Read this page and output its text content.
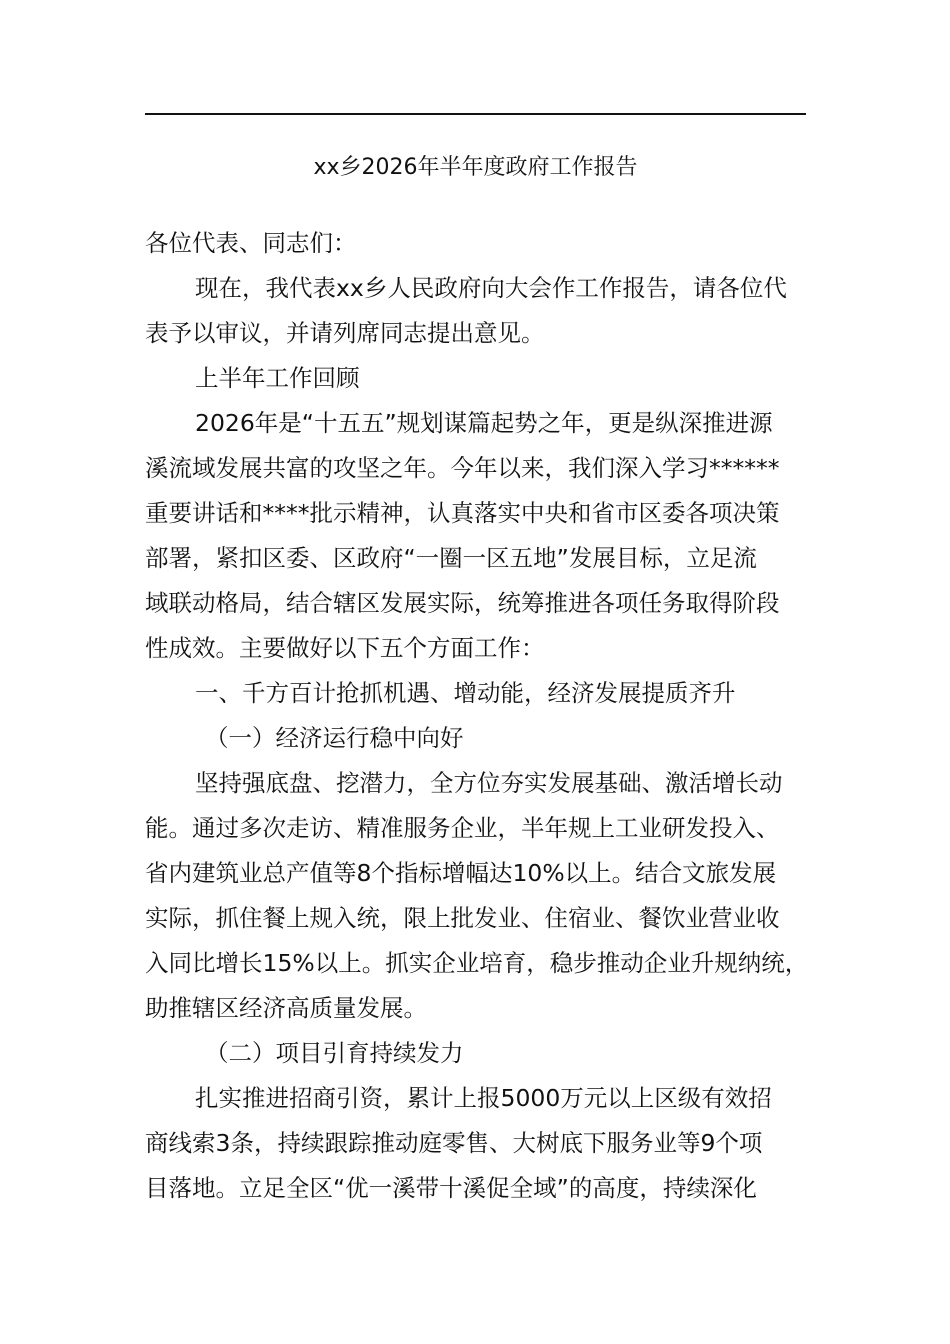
xx乡2026年半年度政府工作报告
各位代表、同志们：
现在，我代表xx乡人民政府向大会作工作报告，请各位代
表予以审议，并请列席同志提出意见。
上半年工作回顾
2026年是“十五五”规划谋篇起势之年，更是纵深推进源
溪流域发展共富的攻坚之年。今年以来，我们深入学习******
重要讲话和****批示精神，认真落实中央和省市区委各项决策
部署，紧扣区委、区政府“一圈一区五地”发展目标，立足流
域联动格局，结合辖区发展实际，统筹推进各项任务取得阶段
性成效。主要做好以下五个方面工作：
一、千方百计抢抓机遇、增动能，经济发展提质齐升
（一）经济运行稳中向好
坚持强底盘、挖潜力，全方位夯实发展基础、激活增长动
能。通过多次走访、精准服务企业，半年规上工业研发投入、
省内建筑业总产值等8个指标增幅达10%以上。结合文旅发展
实际，抓住餐上规入统，限上批发业、住宿业、餐饮业营业收
入同比增长15%以上。抓实企业培育，稳步推动企业升规纳统，
助推辖区经济高质量发展。
（二）项目引育持续发力
扎实推进招商引资，累计上报5000万元以上区级有效招
商线索3条，持续跟踪推动庭零售、大树底下服务业等9个项
目落地。立足全区“优一溪带十溪促全域”的高度，持续深化
